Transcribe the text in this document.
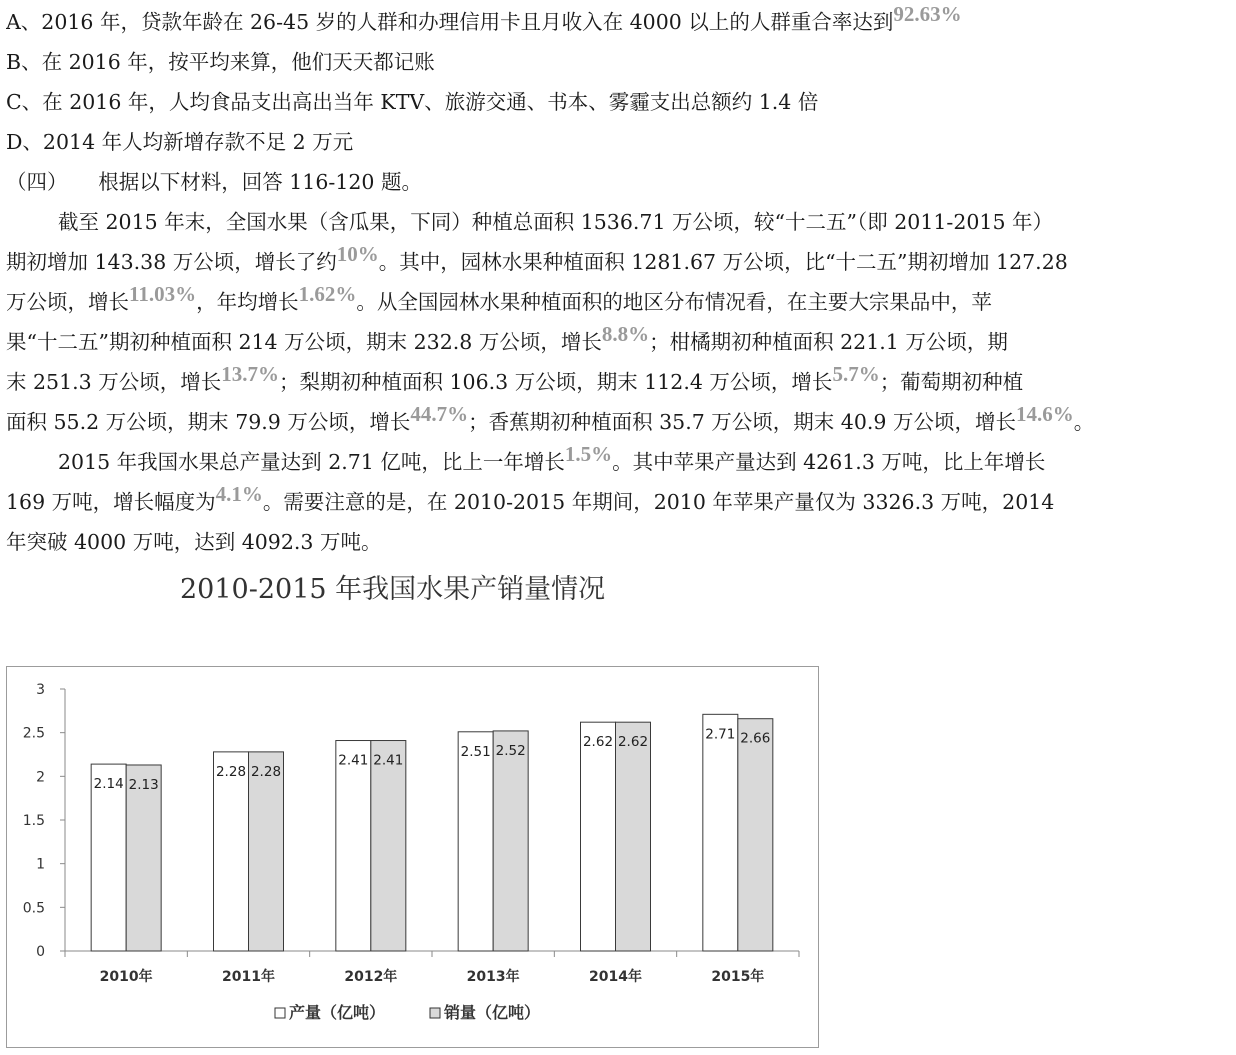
A、2016 年，贷款年龄在 26-45 岁的人群和办理信用卡且月收入在 4000 以上的人群重合率达到92.63%
B、在 2016 年，按平均来算，他们天天都记账
C、在 2016 年，人均食品支出高出当年 KTV、旅游交通、书本、雾霾支出总额约 1.4 倍
D、2014 年人均新增存款不足 2 万元
（四）　　根据以下材料，回答 116-120 题。
截至 2015 年末，全国水果（含瓜果，下同）种植总面积 1536.71 万公顷，较“十二五”（即 2011-2015 年）
期初增加 143.38 万公顷，增长了约10%。其中，园林水果种植面积 1281.67 万公顷，比“十二五”期初增加 127.28
万公顷，增长11.03%，年均增长1.62%。从全国园林水果种植面积的地区分布情况看，在主要大宗果品中，苹
果“十二五”期初种植面积 214 万公顷，期末 232.8 万公顷，增长8.8%；柑橘期初种植面积 221.1 万公顷，期
末 251.3 万公顷，增长13.7%；梨期初种植面积 106.3 万公顷，期末 112.4 万公顷，增长5.7%；葡萄期初种植
面积 55.2 万公顷，期末 79.9 万公顷，增长44.7%；香蕉期初种植面积 35.7 万公顷，期末 40.9 万公顷，增长14.6%。
2015 年我国水果总产量达到 2.71 亿吨，比上一年增长1.5%。其中苹果产量达到 4261.3 万吨，比上年增长
169 万吨，增长幅度为4.1%。需要注意的是，在 2010-2015 年期间，2010 年苹果产量仅为 3326.3 万吨，2014
年突破 4000 万吨，达到 4092.3 万吨。
2010-2015 年我国水果产销量情况
0
0.5
1
1.5
2
2.5
3
2.14 2.13
2010年
2.28 2.28
2011年
2.41 2.41
2012年
2.51 2.52
2013年
2.62 2.62
2014年
2.71 2.66
2015年
产量（亿吨）	销量（亿吨）
